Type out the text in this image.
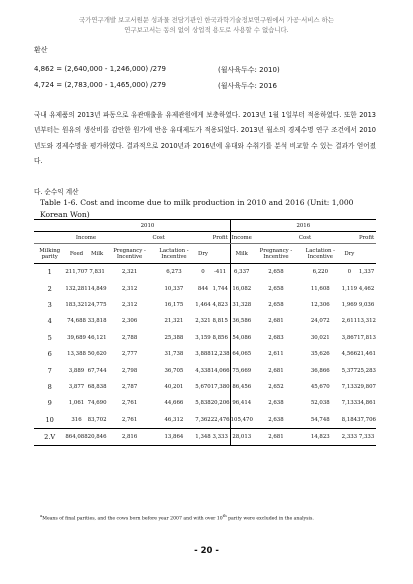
국가연구개발 보고서원문 성과물 전담기관인 한국과학기술정보연구원에서 가공·서비스 하는
연구보고서는 동의 없이 상업적 용도로 사용할 수 없습니다.
환산
4,862 = (2,640,000 - 1,246,000) /279	(월사육두수: 2010)
4,724 = (2,783,000 - 1,465,000) /279	(월사육두수: 2016
국내 유제품의 2013년 파동으로 유관매출을 유제관원에게 보충하였다. 2013년 1월 1일부터 적용하였다. 또한 2013년부터는 원유의 생산비를 감안한 원가에 반응 유대제도가 적용되었다. 2013년 월소의 경제수명 연구 조건에서 2010년도와 경제수명을 평가하였다. 결과적으로 2010년과 2016년에 유대와 수취기를 분석 비교할 수 있는 결과가 얻어졌다.
다. 순수익 계산
Table 1-6. Cost and income due to milk production in 2010 and 2016 (Unit: 1,000 Korean Won)
	2010						2016				
	Income		Cost			Profit	Income	Cost			Profit
Milking parity	Feed	Milk	Pregnancy -Incentive	Lactation -Incentive	Dry		Milk	Pregnancy -Incentive	Lactation -Incentive	Dry	
1	211,707	7,831	2,321	6,273	0	-411	6,337	2,658	6,220	0	1,337
2	132,281	14,849	2,312	10,337	844	1,744	16,082	2,658	11,608	1,119	4,462
3	183,321	24,775	2,312	16,175	1,464	4,823	31,328	2,658	12,306	1,969	9,036
4	74,688	33,818	2,306	21,321	2,321	8,815	36,586	2,681	24,072	2,611	13,312
5	39,689	46,121	2,788	25,388	3,159	8,856	54,086	2,683	30,021	3,867	17,813
6	13,388	50,620	2,777	31,738	3,888	12,238	64,065	2,611	35,626	4,566	21,461
7	3,889	67,744	2,798	36,705	4,338	14,066	75,669	2,681	36,866	5,377	25,283
8	3,877	68,838	2,787	40,201	5,670	17,380	86,456	2,652	45,670	7,133	29,807
9	1,061	74,690	2,761	44,666	5,838	20,206	96,414	2,638	52,038	7,133	34,861
10	316	83,702	2,761	46,312	7,362	22,476	105,470	2,638	54,748	8,184	37,706
2.V	864,088	20,846	2,816	13,864	1,348	3,333	28,013	2,681	14,823	2,333	7,333
$^a$Means of final parities, and the cows born before year 2007 and with over 10th parity were excluded in the analysis.
- 20 -
